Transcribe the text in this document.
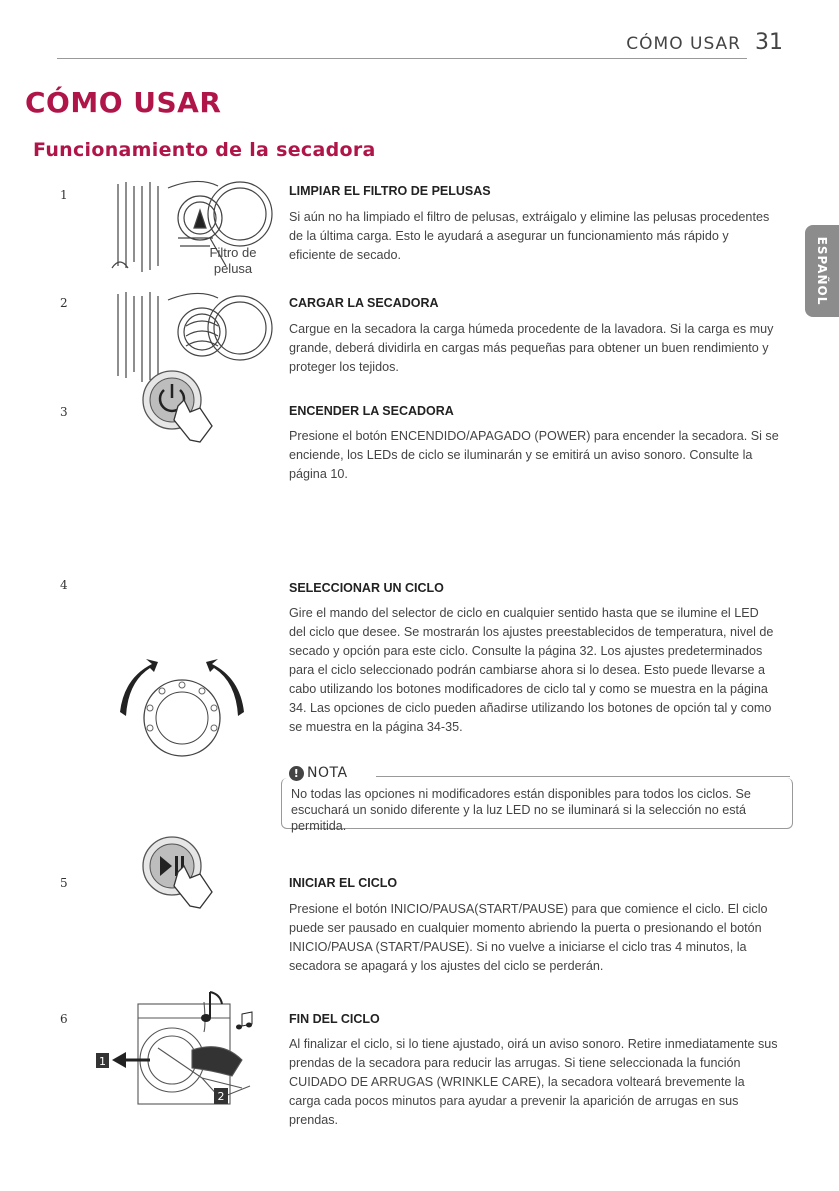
CÓMO USAR 31
CÓMO USAR
Funcionamiento de la secadora
ESPAÑOL
1
Filtro de pelusa
LIMPIAR EL FILTRO DE PELUSAS
Si aún no ha limpiado el filtro de pelusas, extráigalo y elimine las pelusas procedentes de la última carga. Esto le ayudará a asegurar un funcionamiento más rápido y eficiente de secado.
2	CARGAR LA SECADORA
Cargue en la secadora la carga húmeda procedente de la lavadora. Si la carga es muy grande, deberá dividirla en cargas más pequeñas para obtener un buen rendimiento y proteger los tejidos.
3	ENCENDER LA SECADORA
Presione el botón ENCENDIDO/APAGADO (POWER) para encender la secadora. Si se enciende, los LEDs de ciclo se iluminarán y se emitirá un aviso sonoro. Consulte la página 10.
4	SELECCIONAR UN CICLO
Gire el mando del selector de ciclo en cualquier sentido hasta que se ilumine el LED del ciclo que desee. Se mostrarán los ajustes preestablecidos de temperatura, nivel de secado y opción para este ciclo. Consulte la página 32. Los ajustes predeterminados para el ciclo seleccionado podrán cambiarse ahora si lo desea. Esto puede llevarse a cabo utilizando los botones modificadores de ciclo tal y como se muestra en la página 34. Las opciones de ciclo pueden añadirse utilizando los botones de opción tal y como se muestra en la página 34-35.
! NOTA
No todas las opciones ni modificadores están disponibles para todos los ciclos. Se escuchará un sonido diferente y la luz LED no se iluminará si la selección no está permitida.
5	INICIAR EL CICLO
Presione el botón INICIO/PAUSA(START/PAUSE) para que comience el ciclo. El ciclo puede ser pausado en cualquier momento abriendo la puerta o presionando el botón INICIO/PAUSA (START/PAUSE). Si no vuelve a iniciarse el ciclo tras 4 minutos, la secadora se apagará y los ajustes del ciclo se perderán.
6
1
2
FIN DEL CICLO
Al finalizar el ciclo, si lo tiene ajustado, oirá un aviso sonoro. Retire inmediatamente sus prendas de la secadora para reducir las arrugas. Si tiene seleccionada la función CUIDADO DE ARRUGAS (WRINKLE CARE), la secadora volteará brevemente la carga cada pocos minutos para ayudar a prevenir la aparición de arrugas en sus prendas.
